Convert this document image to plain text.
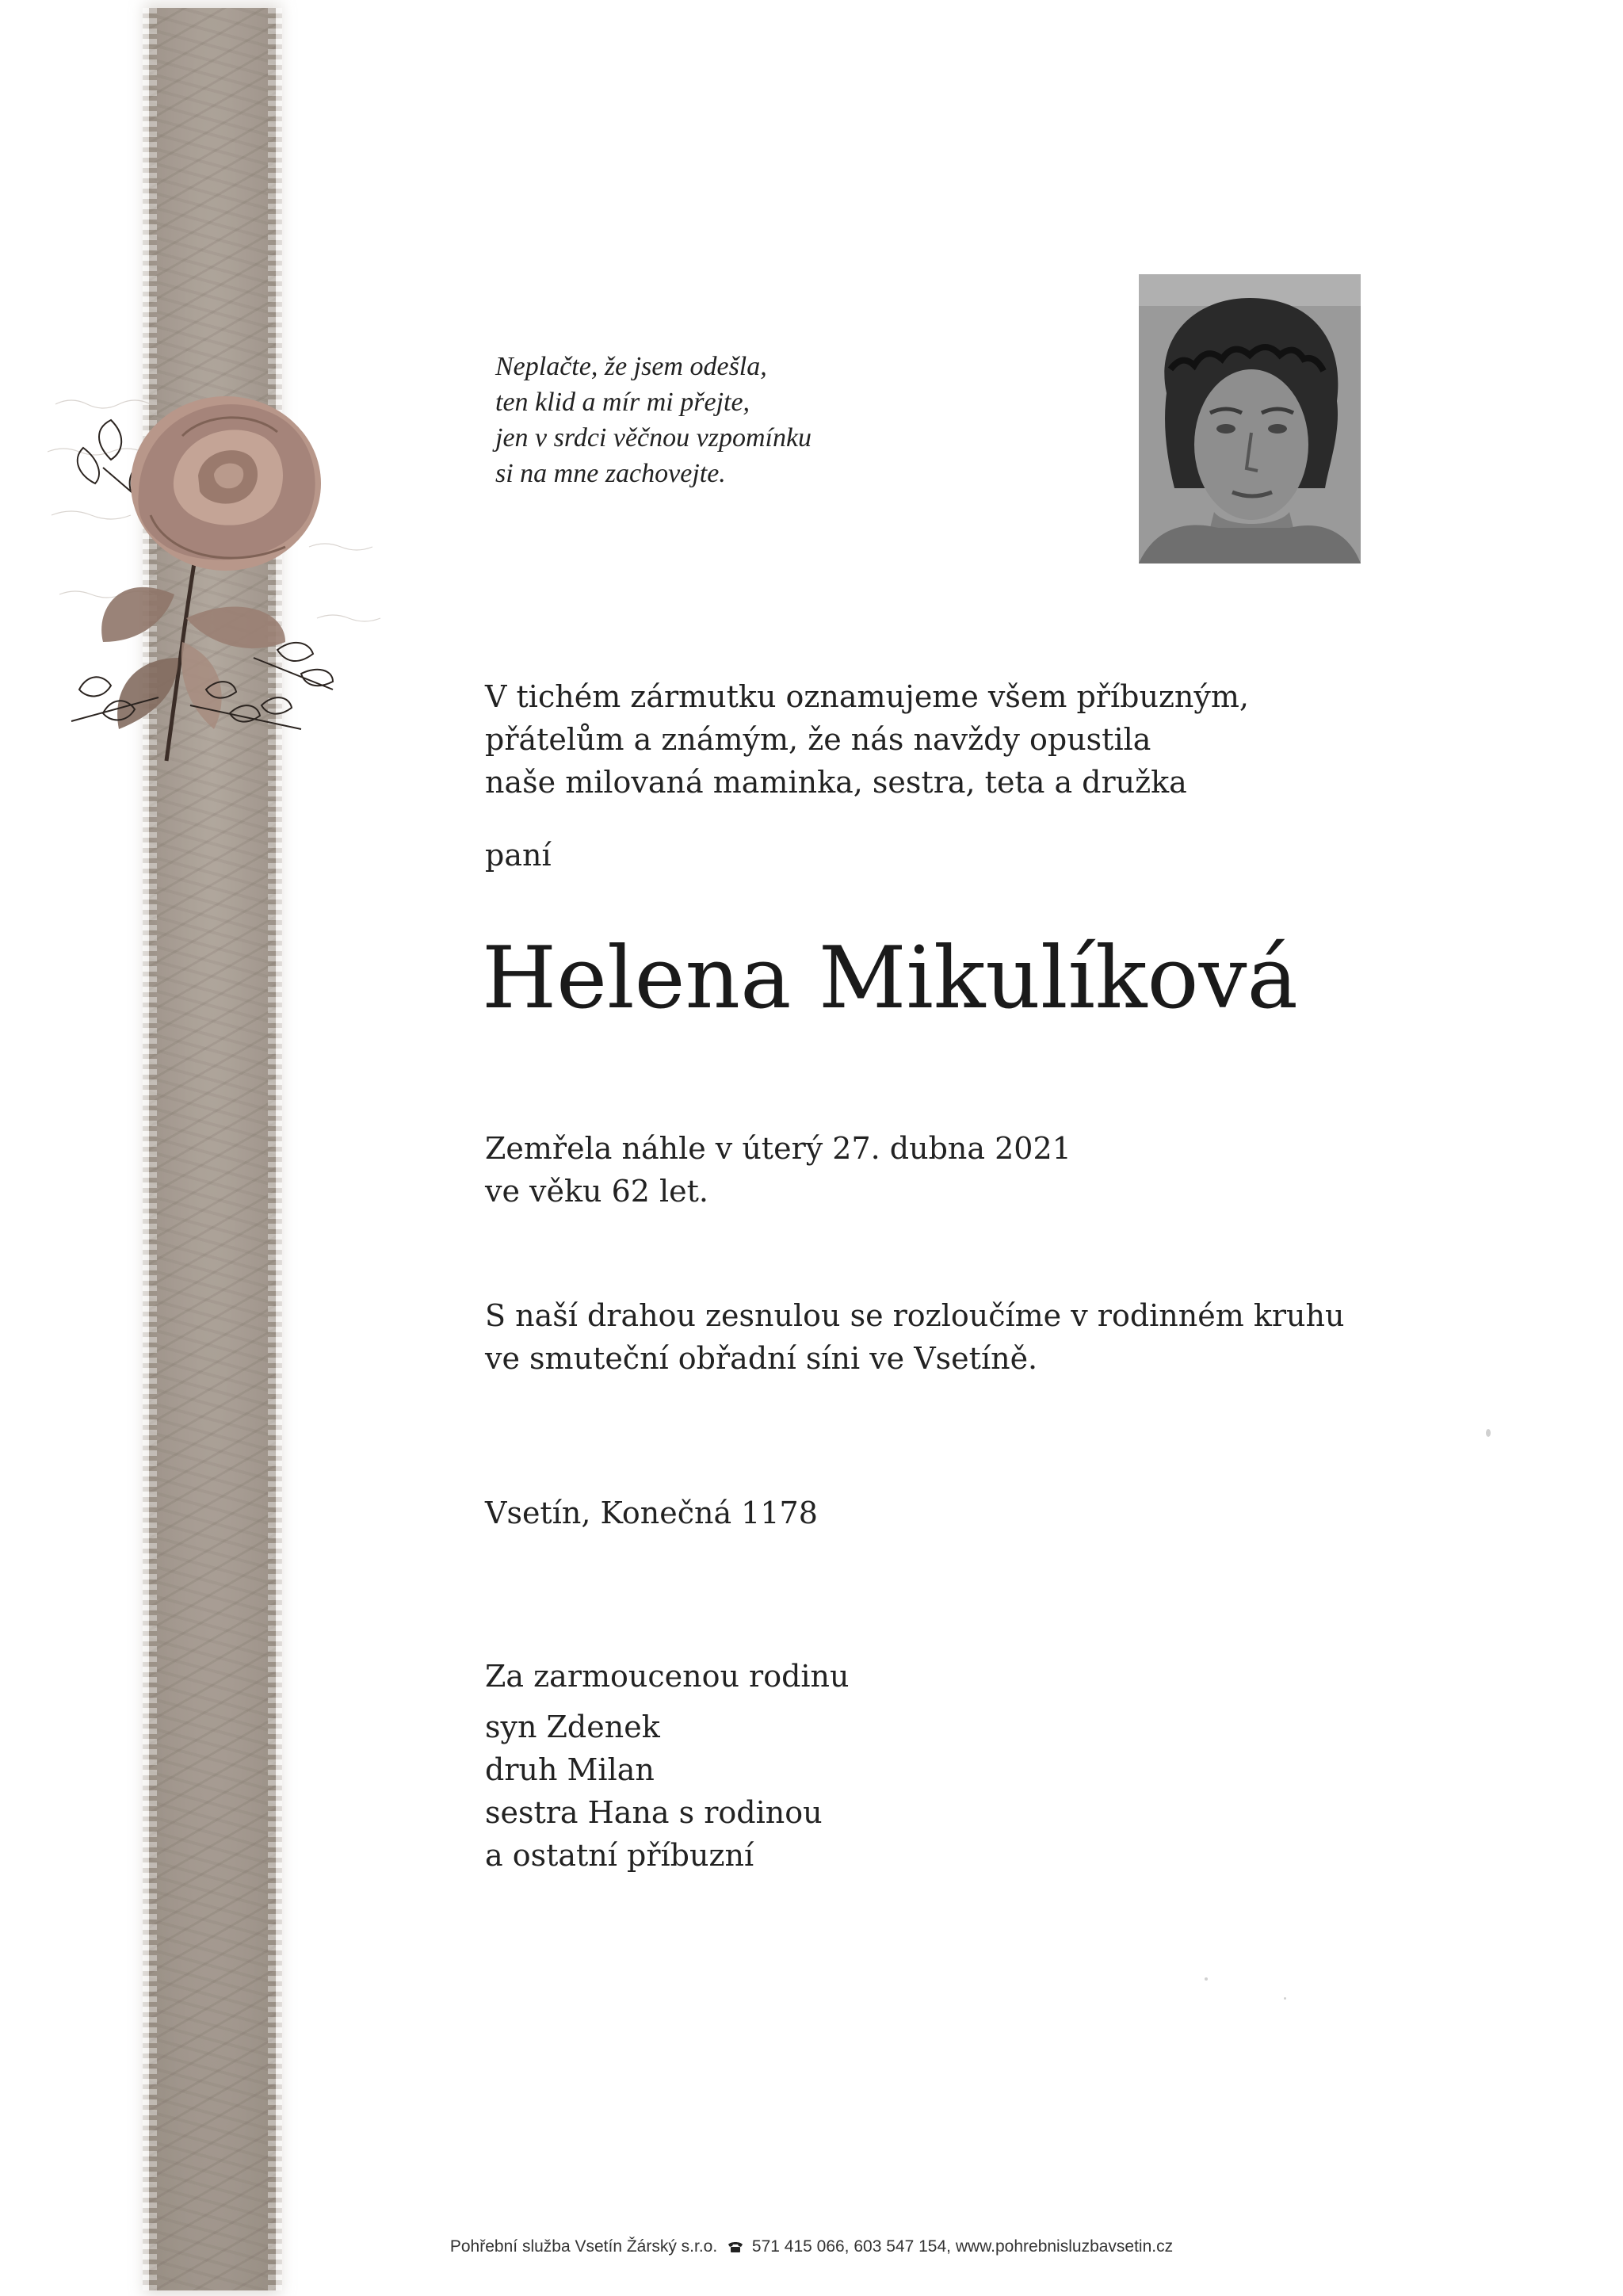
Neplačte, že jsem odešla,
ten klid a mír mi přejte,
jen v srdci věčnou vzpomínku
si na mne zachovejte.
V tichém zármutku oznamujeme všem příbuzným,
přátelům a známým, že nás navždy opustila
naše milovaná maminka, sestra, teta a družka
paní
Helena Mikulíková
Zemřela náhle v úterý 27. dubna 2021
ve věku 62 let.
S naší drahou zesnulou se rozloučíme v rodinném kruhu
ve smuteční obřadní síni ve Vsetíně.
Vsetín, Konečná 1178
Za zarmoucenou rodinu
syn Zdenek
druh Milan
sestra Hana s rodinou
a ostatní příbuzní
Pohřební služba Vsetín Žárský s.r.o. 571 415 066, 603 547 154, www.pohrebnisluzbavsetin.cz
